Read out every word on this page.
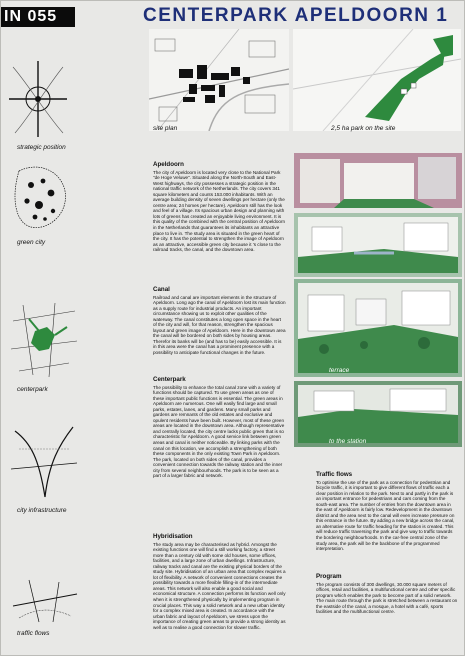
IN 055	CENTERPARK APELDOORN 1
site plan	2,5 ha park on the site
strategic position
green city
centerpark
city infrastructure
traffic flows
Apeldoorn

The city of Apeldoorn is located very close to the National Park "de Hoge Veluwe". Situated along the North-South and East-West highways, the city possesses a strategic position in the national traffic network of the Netherlands. The city covers 341 square kilometers and counts 153.000 inhabitants. With an average building density of seven dwellings per hectare (only the centre area; 24 homes per hectare). Apeldoorn still has the look and feel of a village. Its spacious urban design and planning with lots of greens has created an enjoyable living environment. It is this quality of the combined with the central position of Apeldoorn in the Netherlands that guarantees its inhabitants an attractive place to live in. The study area is situated in the green heart of the city. It has the potential to strengthen the image of Apeldoorn as an attractive, accessible green city because it 's close to the railroad tracks, the canal, and the downtown area.

Canal

Railroad and canal are important elements in the structure of Apeldoorn. Long ago the canal of Apeldoorn lost its main function as a supply route for industrial products. An important circumstance showing us to exploit other qualities of the waterway. The canal constitutes a long open space in the heart of the city and will, for that reason, strengthen the spacious layout and green image of Apeldoorn. Here in the downtown area the canal will be bordered on both sides by housing areas. Therefor its banks will be (and has to be) easily accessible. It is in this area were the canal has a prominent presence with a possibility to anticipate functional changes in the future.

Centerpark

The possibility to enhance the total canal zone with a variety of functions should be captured. To use green areas as one of these important public functions is essential. The green areas in Apeldoorn are numerous. One will easily find large and small parks, estates, lanes, and gardens. Many small parks and gardens are remnants of the old estates and exclusive and opulent residents have been built. However, most of these green areas are located in the downtown area. Although representative and centrally located, the city centre lacks public green that is so characteristic for Apeldoorn. A good service link between green areas and canal is neither noticeable. By linking parks with the canal on this location, we accomplish a strengthening of both these components in the only existing Town Park in Apeldoorn. The park, located on both sides of the canal, provides a convenient connection towards the railway station and the inner city from several neighbourhoods. The park is to be seen as a part of a larger fabric and network.

Hybridisation

The study area may be characterised as hybrid. Amongst the existing functions one will find a still working factory, a street more than a century old with some old houses, some offices, facilities, and a large zone of urban dwellings. Infrastructure, railway tracks and canal are the existing physical borders of the study site. Hybridisation of an urban area that complex requires a lot of flexibility. A network of convenient connections creates the possibility towards a more flexible filling-in of the intermediate areas. This network will also enable a good social and economical structure. A connection performs its function well only when it is strengthened physically by implementing program in crucial places. This way a solid network and a new urban identity for a complex mixed area is created. In accordance with the urban fabric and layout of Apeldoorn, we stress upon the importance of creating green areas to provide a strong identity as well as to realise a good connection for slower traffic.

terrace
to the station
Traffic flows

To optimise the use of the park as a connection for pedestrian and bicycle traffic, it is important to give different flows of traffic each a clear position in relation to the park. Next to and partly in the park is an important entrance for pedestrians and cars coming from the south-east area. The number of entries from the downtown area in the east of Apeldoorn is fairly low. Redevelopment in the downtown district and the area next to the canal will even increase pressure on this entrance in the future. By adding a new bridge across the canal, an alternative route for traffic heading for the station is created. This will reduce traffic traversing the park and give way to traffic towards the bordering neighbourhoods. In the car-free central zone of the study area, the park will be the backbone of the programmed interpretation.

Program

The program consists of 300 dwellings, 30.000 square meters of offices, retail and facilities, a multifunctional centre and other specific program which enables the park to become part of a solid network. The main route through the park is stretched between a restaurant on the eastside of the canal, a mosque, a hotel with a café, sports facilities and the multifunctional centre.
